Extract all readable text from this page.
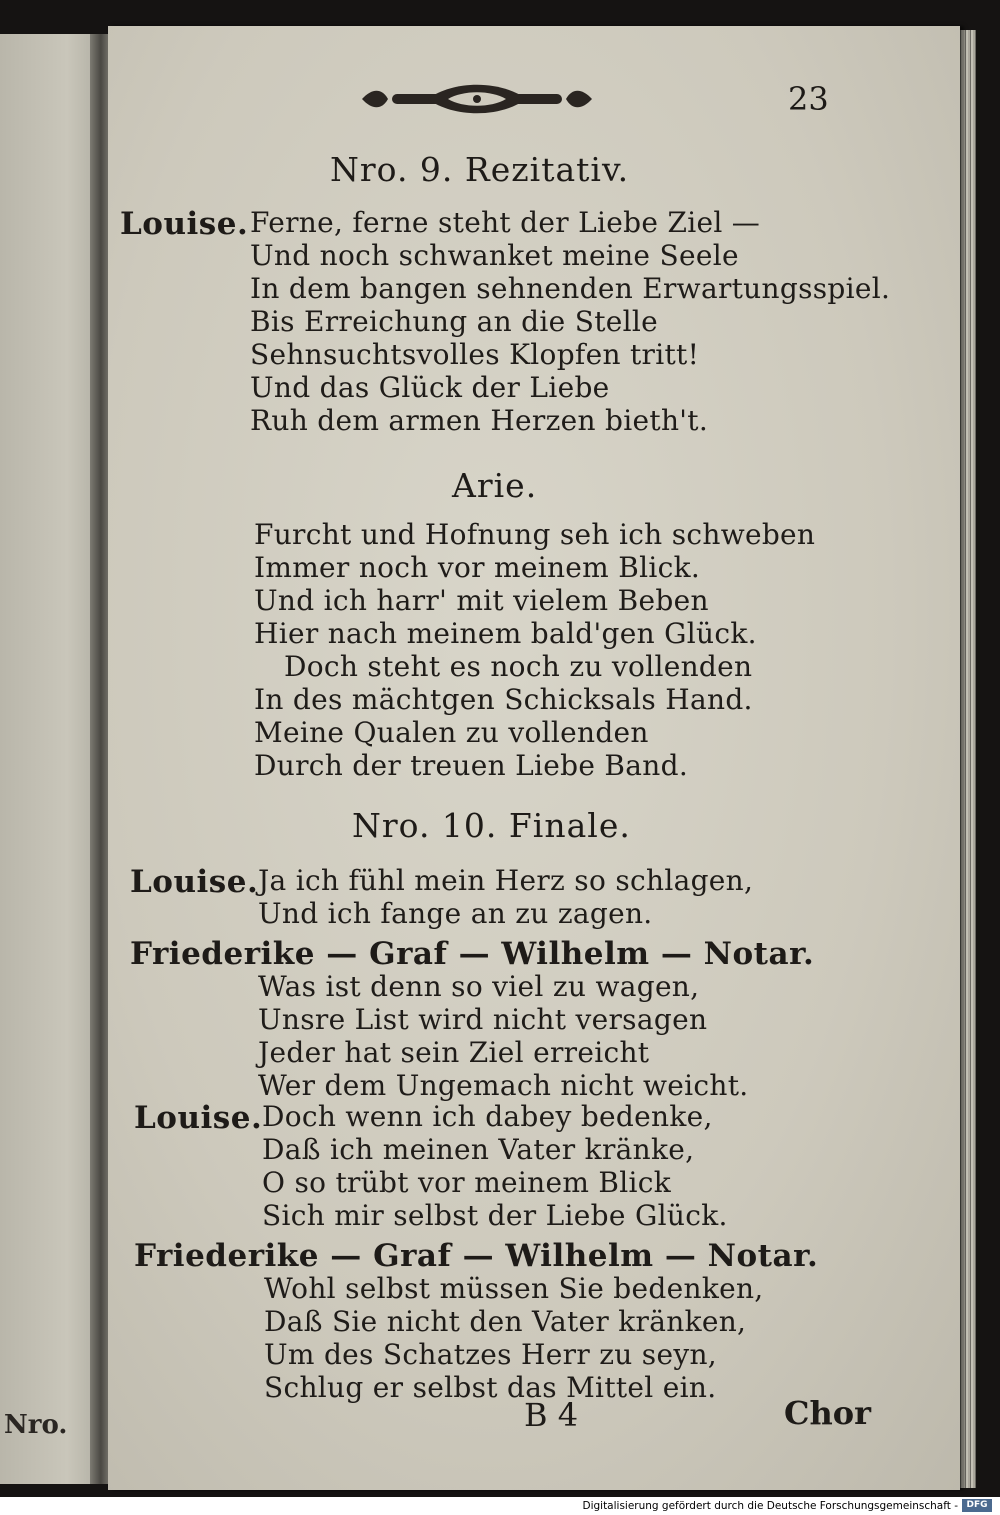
Nro.
23
Nro. 9. Rezitativ.
Louise. Ferne, ferne steht der Liebe Ziel —
Und noch schwanket meine Seele
In dem bangen sehnenden Erwartungsspiel.
Bis Erreichung an die Stelle
Sehnsuchtsvolles Klopfen tritt!
Und das Glück der Liebe
Ruh dem armen Herzen bieth't.
Arie.
Furcht und Hofnung seh ich schweben
Immer noch vor meinem Blick.
Und ich harr' mit vielem Beben
Hier nach meinem bald'gen Glück.
Doch steht es noch zu vollenden
In des mächtgen Schicksals Hand.
Meine Qualen zu vollenden
Durch der treuen Liebe Band.
Nro. 10. Finale.
Louise. Ja ich fühl mein Herz so schlagen,
Und ich fange an zu zagen.
Friederike — Graf — Wilhelm — Notar.
Was ist denn so viel zu wagen,
Unsre List wird nicht versagen
Jeder hat sein Ziel erreicht
Wer dem Ungemach nicht weicht.
Louise. Doch wenn ich dabey bedenke,
Daß ich meinen Vater kränke,
O so trübt vor meinem Blick
Sich mir selbst der Liebe Glück.
Friederike — Graf — Wilhelm — Notar.
Wohl selbst müssen Sie bedenken,
Daß Sie nicht den Vater kränken,
Um des Schatzes Herr zu seyn,
Schlug er selbst das Mittel ein.
B 4	Chor
Digitalisierung gefördert durch die Deutsche Forschungsgemeinschaft - DFG
